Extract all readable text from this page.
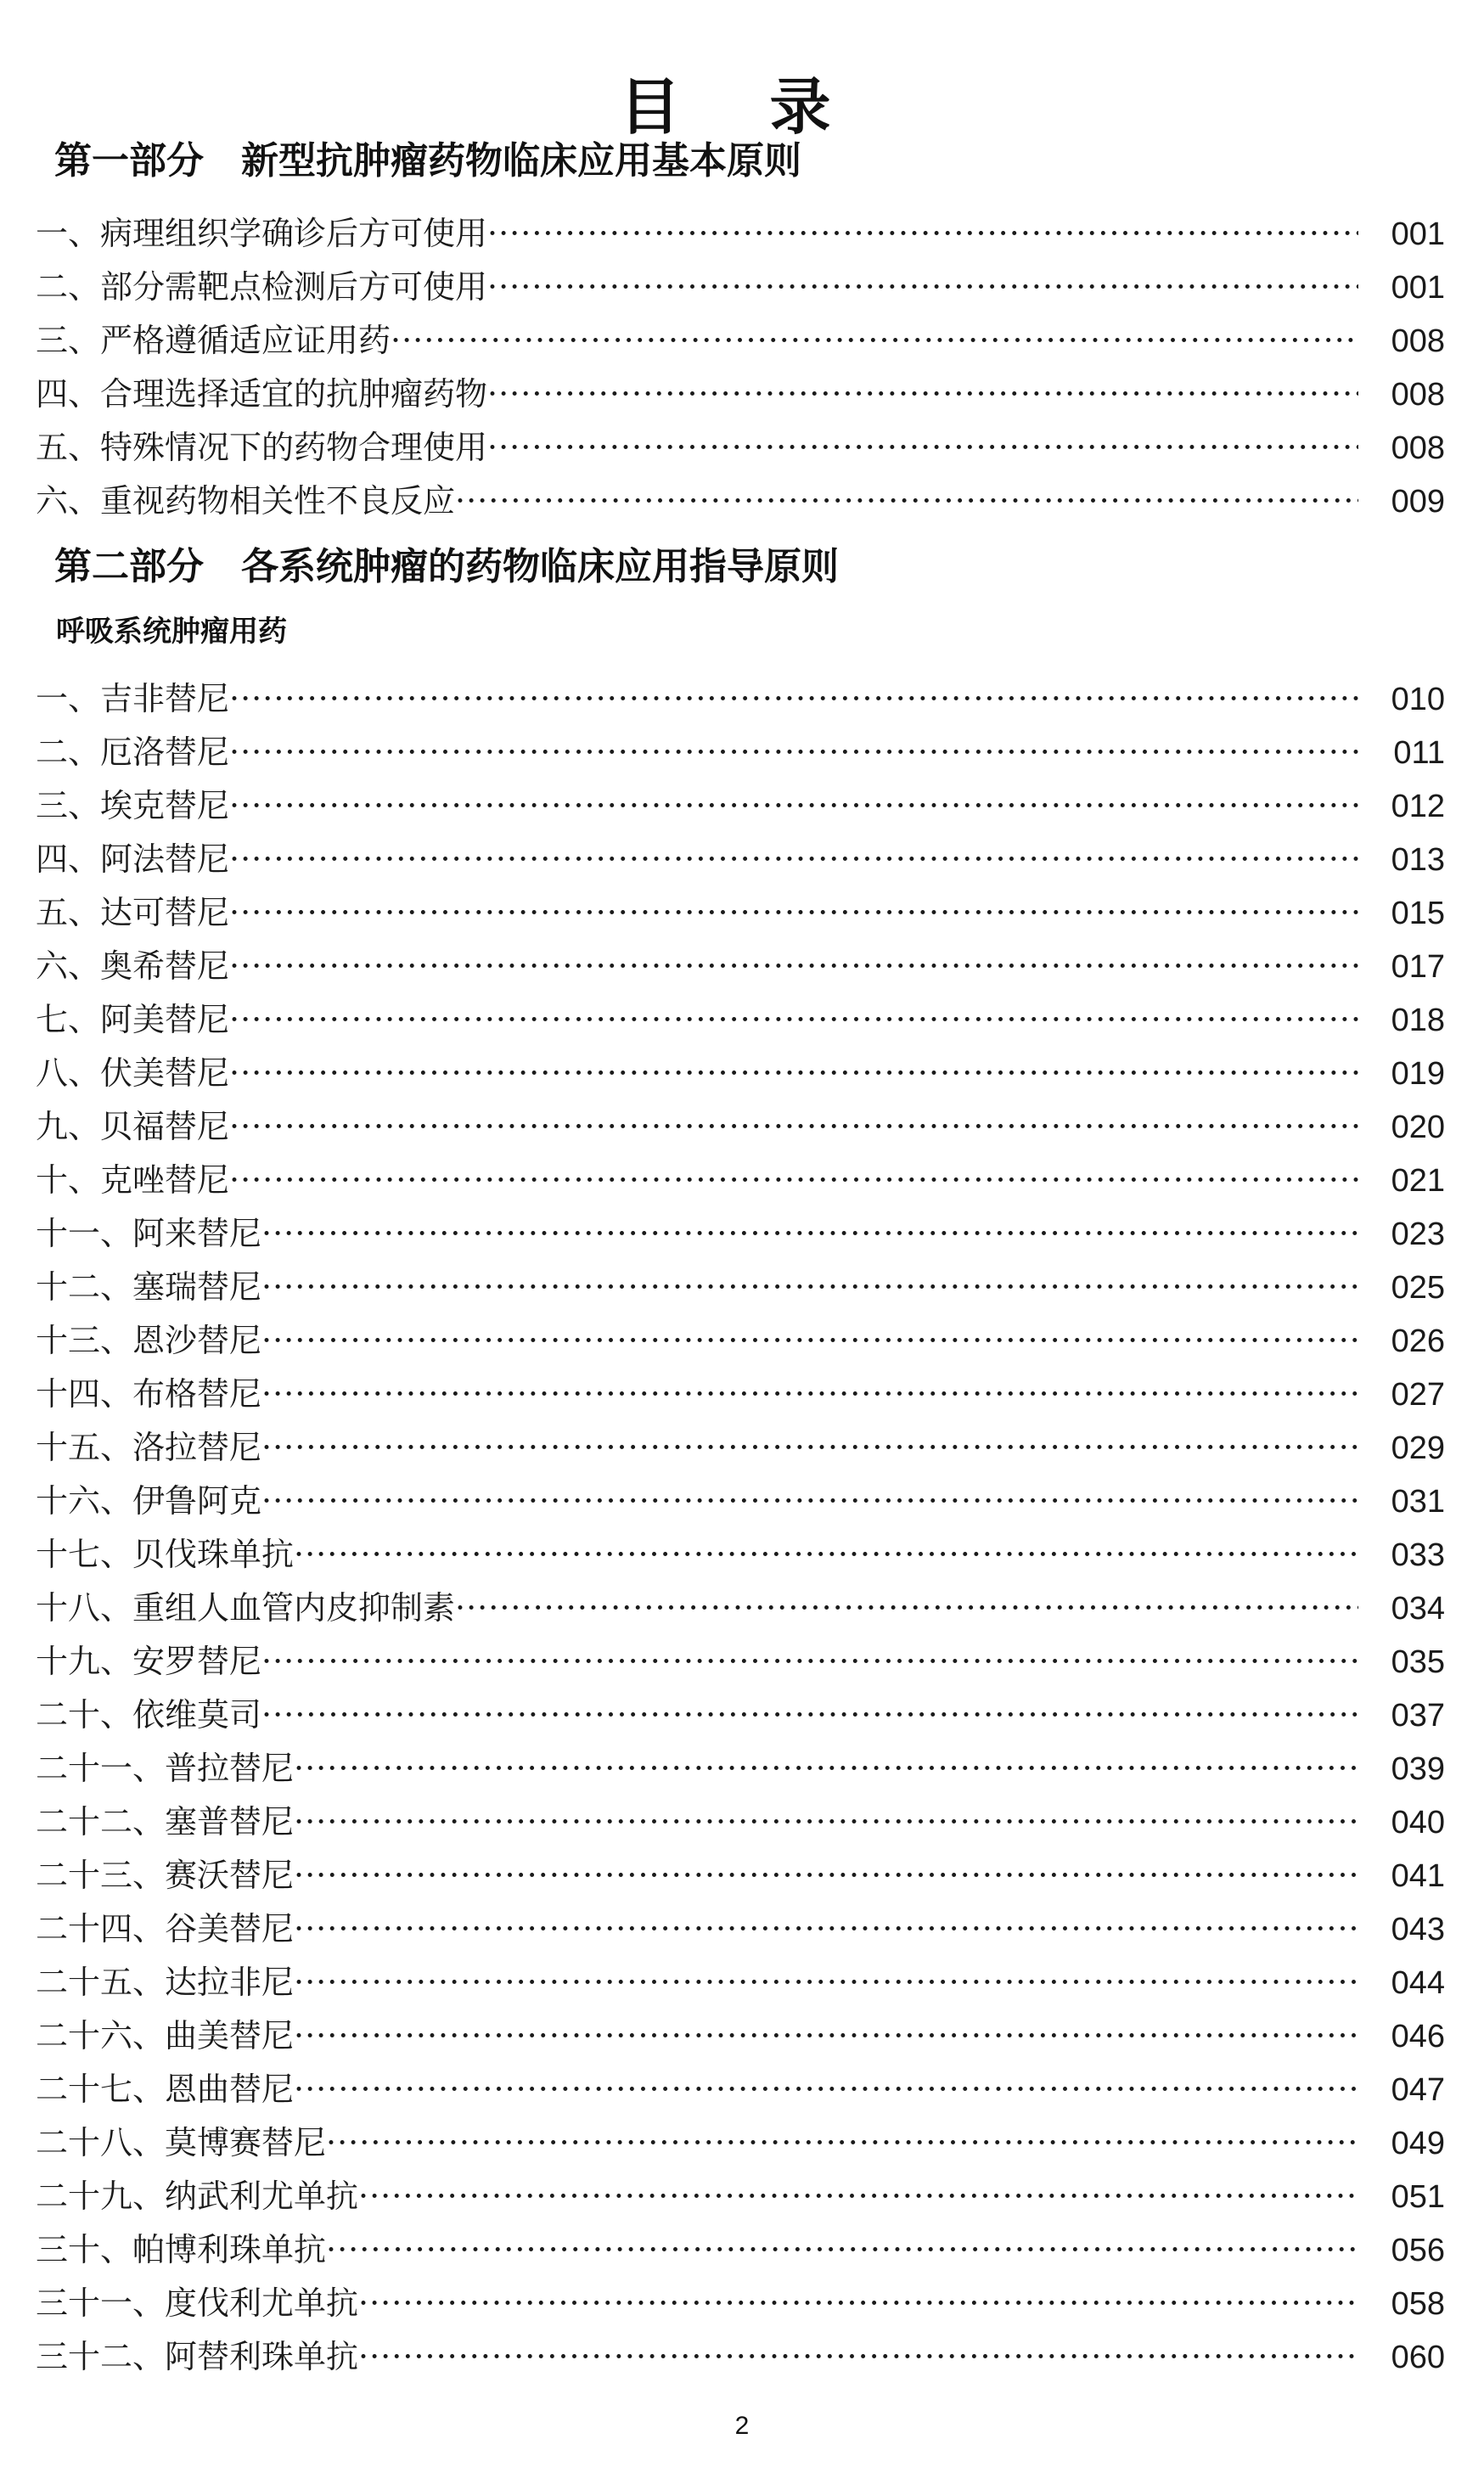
目 录
第一部分　新型抗肿瘤药物临床应用基本原则
一、病理组织学确诊后方可使用 ·····	001
二、部分需靶点检测后方可使用 ·····	001
三、严格遵循适应证用药 ·····	008
四、合理选择适宜的抗肿瘤药物 ·····	008
五、特殊情况下的药物合理使用 ·····	008
六、重视药物相关性不良反应 ·····	009
第二部分　各系统肿瘤的药物临床应用指导原则
呼吸系统肿瘤用药
一、吉非替尼 ·····	010
二、厄洛替尼 ·····	011
三、埃克替尼 ·····	012
四、阿法替尼 ·····	013
五、达可替尼 ·····	015
六、奥希替尼 ·····	017
七、阿美替尼 ·····	018
八、伏美替尼 ·····	019
九、贝福替尼 ·····	020
十、克唑替尼 ·····	021
十一、阿来替尼 ·····	023
十二、塞瑞替尼 ·····	025
十三、恩沙替尼 ·····	026
十四、布格替尼 ·····	027
十五、洛拉替尼 ·····	029
十六、伊鲁阿克 ·····	031
十七、贝伐珠单抗 ·····	033
十八、重组人血管内皮抑制素 ·····	034
十九、安罗替尼 ·····	035
二十、依维莫司 ·····	037
二十一、普拉替尼 ·····	039
二十二、塞普替尼 ·····	040
二十三、赛沃替尼 ·····	041
二十四、谷美替尼 ·····	043
二十五、达拉非尼 ·····	044
二十六、曲美替尼 ·····	046
二十七、恩曲替尼 ·····	047
二十八、莫博赛替尼 ·····	049
二十九、纳武利尤单抗 ·····	051
三十、帕博利珠单抗 ·····	056
三十一、度伐利尤单抗 ·····	058
三十二、阿替利珠单抗 ·····	060
2
